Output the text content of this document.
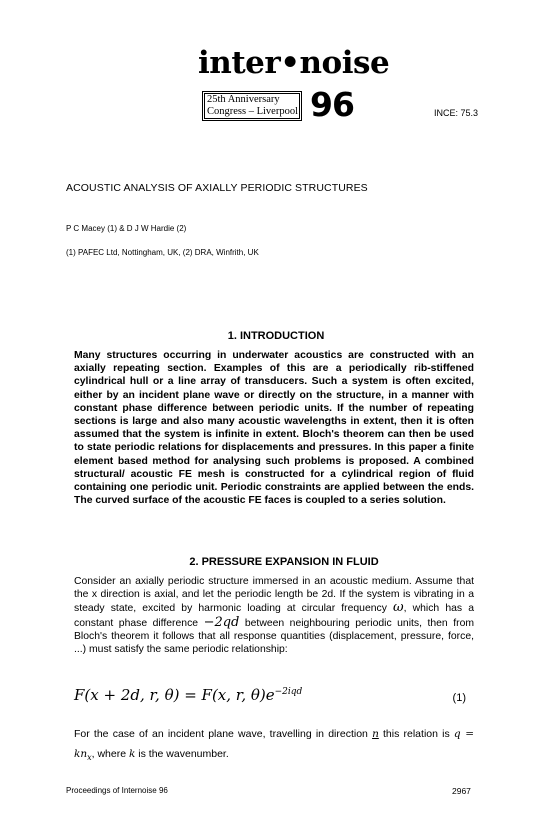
inter•noise
25th Anniversary
Congress – Liverpool 96	INCE: 75.3
ACOUSTIC ANALYSIS OF AXIALLY PERIODIC STRUCTURES
P C Macey (1) & D J W Hardie (2)
(1) PAFEC Ltd, Nottingham, UK, (2) DRA, Winfrith, UK
1. INTRODUCTION
Many structures occurring in underwater acoustics are constructed with an axially repeating section. Examples of this are a periodically rib-stiffened cylindrical hull or a line array of transducers. Such a system is often excited, either by an incident plane wave or directly on the structure, in a manner with constant phase difference between periodic units. If the number of repeating sections is large and also many acoustic wavelengths in extent, then it is often assumed that the system is infinite in extent. Bloch's theorem can then be used to state periodic relations for displacements and pressures. In this paper a finite element based method for analysing such problems is proposed. A combined structural/ acoustic FE mesh is constructed for a cylindrical region of fluid containing one periodic unit. Periodic constraints are applied between the ends. The curved surface of the acoustic FE faces is coupled to a series solution.
2. PRESSURE EXPANSION IN FLUID
Consider an axially periodic structure immersed in an acoustic medium. Assume that the x direction is axial, and let the periodic length be 2d. If the system is vibrating in a steady state, excited by harmonic loading at circular frequency ω, which has a constant phase difference −2qd between neighbouring periodic units, then from Bloch's theorem it follows that all response quantities (displacement, pressure, force, ...) must satisfy the same periodic relationship:
F(x + 2d, r, θ) = F(x, r, $\theta)e^{-2iqd}$	(1)
For the case of an incident plane wave, travelling in direction n this relation is $q = kn_x$, where k is the wavenumber.
Proceedings of Internoise 96	2967
